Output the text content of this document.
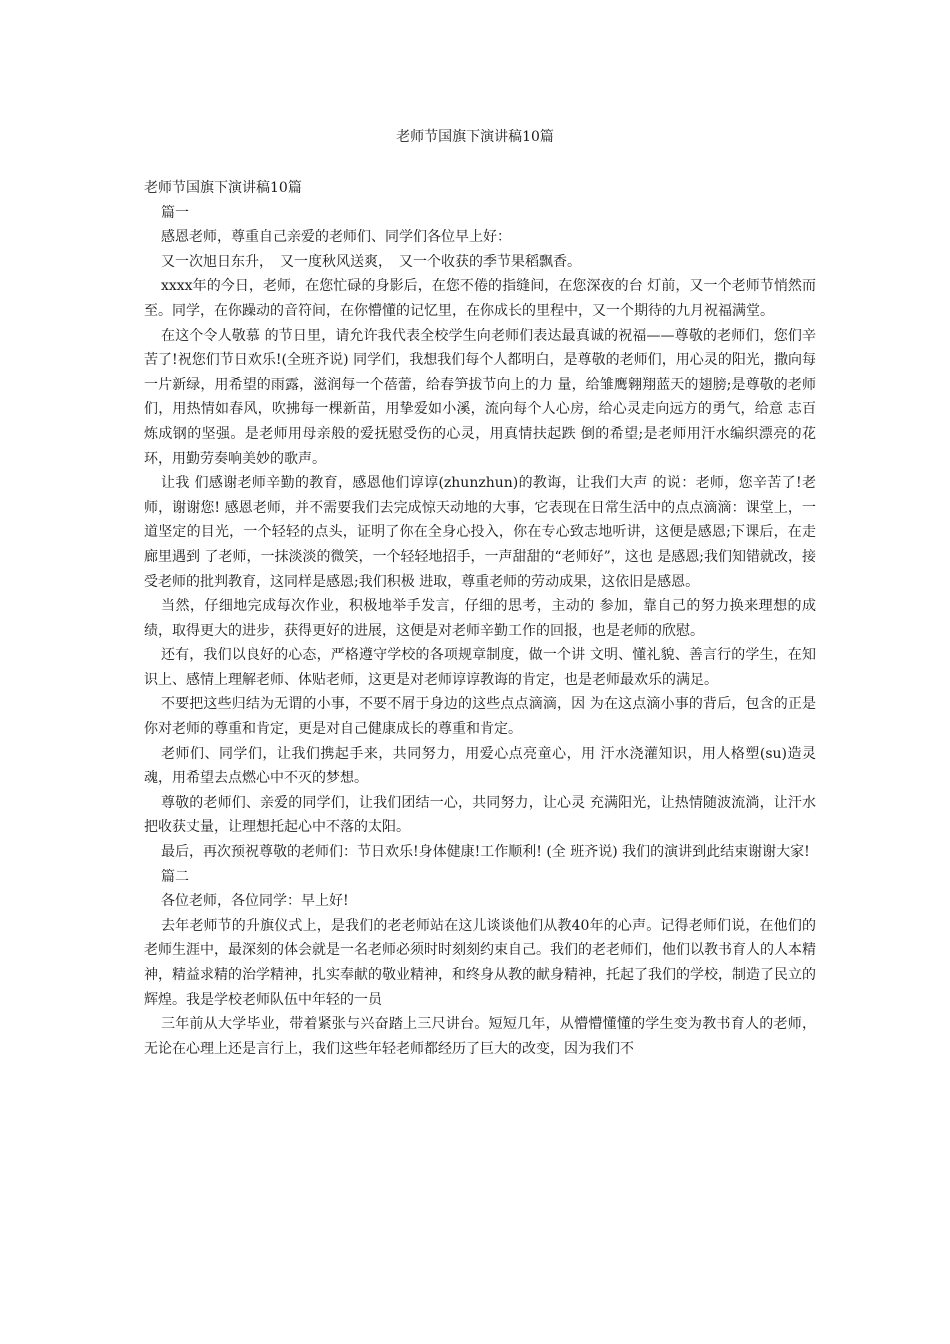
老师节国旗下演讲稿10篇

老师节国旗下演讲稿10篇

篇一

感恩老师，尊重自己亲爱的老师们、同学们各位早上好：

又一次旭日东升，　又一度秋风送爽，　又一个收获的季节果稻飘香。

xxxx年的今日，老师，在您忙碌的身影后，在您不倦的指缝间，在您深夜的台 灯前，又一个老师节悄然而至。同学，在你躁动的音符间，在你懵懂的记忆里，在你成长的里程中，又一个期待的九月祝福满堂。

在这个令人敬慕 的节日里，请允许我代表全校学生向老师们表达最真诚的祝福——尊敬的老师们，您们辛苦了!祝您们节日欢乐!(全班齐说) 同学们，我想我们每个人都明白，是尊敬的老师们，用心灵的阳光，撒向每一片新绿，用希望的雨露，滋润每一个蓓蕾，给春笋拔节向上的力 量，给雏鹰翱翔蓝天的翅膀;是尊敬的老师们，用热情如春风，吹拂每一棵新苗，用挚爱如小溪，流向每个人心房，给心灵走向远方的勇气，给意 志百炼成钢的坚强。是老师用母亲般的爱抚慰受伤的心灵，用真情扶起跌 倒的希望;是老师用汗水编织漂亮的花环，用勤劳奏响美妙的歌声。

让我 们感谢老师辛勤的教育，感恩他们谆谆(zhunzhun)的教诲，让我们大声 的说：老师，您辛苦了!老师，谢谢您! 感恩老师，并不需要我们去完成惊天动地的大事，它表现在日常生活中的点点滴滴：课堂上，一道坚定的目光，一个轻轻的点头，证明了你在全身心投入，你在专心致志地听讲，这便是感恩;下课后，在走廊里遇到 了老师，一抹淡淡的微笑，一个轻轻地招手，一声甜甜的“老师好”，这也 是感恩;我们知错就改，接受老师的批判教育，这同样是感恩;我们积极 进取，尊重老师的劳动成果，这依旧是感恩。

当然，仔细地完成每次作业，积极地举手发言，仔细的思考，主动的 参加，靠自己的努力换来理想的成绩，取得更大的进步，获得更好的进展，这便是对老师辛勤工作的回报，也是老师的欣慰。

还有，我们以良好的心态，严格遵守学校的各项规章制度，做一个讲 文明、懂礼貌、善言行的学生，在知识上、感情上理解老师、体贴老师，这更是对老师谆谆教诲的肯定，也是老师最欢乐的满足。

不要把这些归结为无谓的小事，不要不屑于身边的这些点点滴滴，因 为在这点滴小事的背后，包含的正是你对老师的尊重和肯定，更是对自己健康成长的尊重和肯定。

老师们、同学们，让我们携起手来，共同努力，用爱心点亮童心，用 汗水浇灌知识，用人格塑(su)造灵魂，用希望去点燃心中不灭的梦想。

尊敬的老师们、亲爱的同学们，让我们团结一心，共同努力，让心灵 充满阳光，让热情随波流淌，让汗水把收获丈量，让理想托起心中不落的太阳。

最后，再次预祝尊敬的老师们：节日欢乐!身体健康!工作顺利! (全 班齐说) 我们的演讲到此结束谢谢大家!

篇二

各位老师，各位同学：早上好!

去年老师节的升旗仪式上，是我们的老老师站在这儿谈谈他们从教40年的心声。记得老师们说，在他们的老师生涯中，最深刻的体会就是一名老师必须时时刻刻约束自己。我们的老老师们，他们以教书育人的人本精神，精益求精的治学精神，扎实奉献的敬业精神，和终身从教的献身精神，托起了我们的学校，制造了民立的辉煌。我是学校老师队伍中年轻的一员

三年前从大学毕业，带着紧张与兴奋踏上三尺讲台。短短几年，从懵懵懂懂的学生变为教书育人的老师，无论在心理上还是言行上，我们这些年轻老师都经历了巨大的改变，因为我们不
